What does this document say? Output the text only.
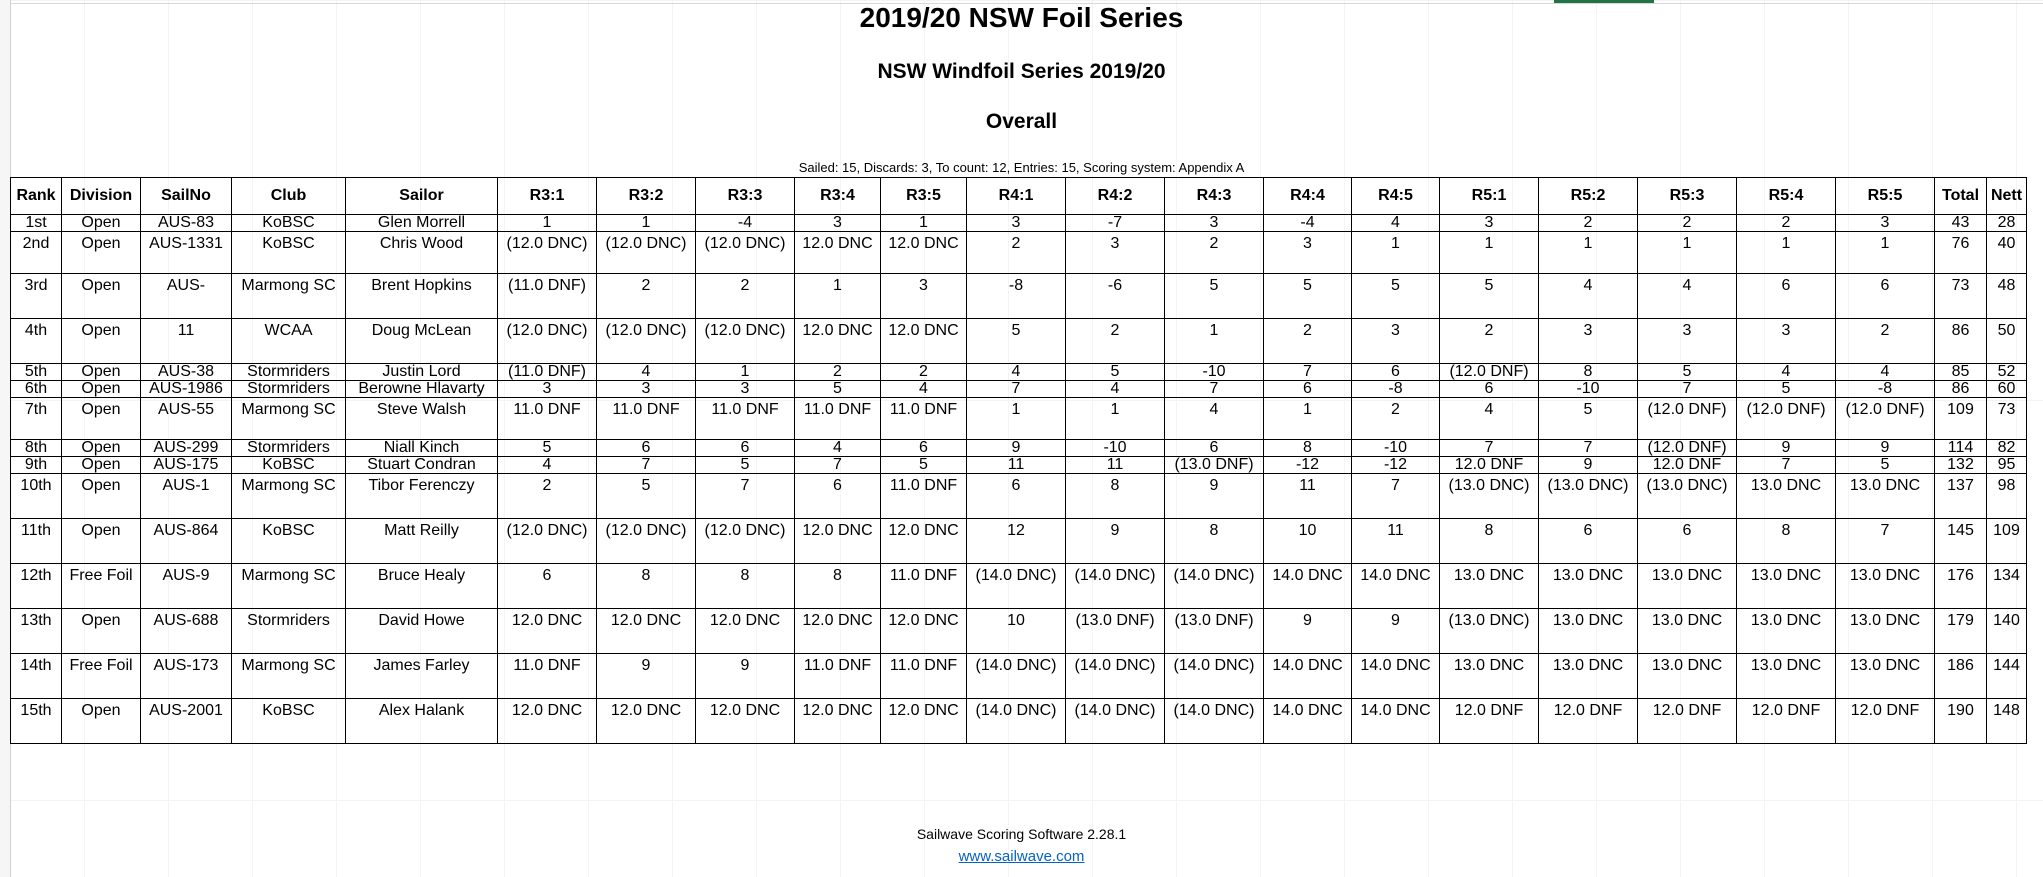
2019/20 NSW Foil Series
NSW Windfoil Series 2019/20
Overall
Sailed: 15, Discards: 3, To count: 12, Entries: 15, Scoring system: Appendix A
Rank	Division	SailNo	Club	Sailor	R3:1	R3:2	R3:3	R3:4	R3:5	R4:1	R4:2	R4:3	R4:4	R4:5	R5:1	R5:2	R5:3	R5:4	R5:5	Total	Nett
1st	Open	AUS-83	KoBSC	Glen Morrell	1	1	-4	3	1	3	-7	3	-4	4	3	2	2	2	3	43	28
2nd	Open	AUS-1331	KoBSC	Chris Wood	(12.0 DNC)	(12.0 DNC)	(12.0 DNC)	12.0 DNC	12.0 DNC	2	3	2	3	1	1	1	1	1	1	76	40
3rd	Open	AUS-	Marmong SC	Brent Hopkins	(11.0 DNF)	2	2	1	3	-8	-6	5	5	5	5	4	4	6	6	73	48
4th	Open	11	WCAA	Doug McLean	(12.0 DNC)	(12.0 DNC)	(12.0 DNC)	12.0 DNC	12.0 DNC	5	2	1	2	3	2	3	3	3	2	86	50
5th	Open	AUS-38	Stormriders	Justin Lord	(11.0 DNF)	4	1	2	2	4	5	-10	7	6	(12.0 DNF)	8	5	4	4	85	52
6th	Open	AUS-1986	Stormriders	Berowne Hlavarty	3	3	3	5	4	7	4	7	6	-8	6	-10	7	5	-8	86	60
7th	Open	AUS-55	Marmong SC	Steve Walsh	11.0 DNF	11.0 DNF	11.0 DNF	11.0 DNF	11.0 DNF	1	1	4	1	2	4	5	(12.0 DNF)	(12.0 DNF)	(12.0 DNF)	109	73
8th	Open	AUS-299	Stormriders	Niall Kinch	5	6	6	4	6	9	-10	6	8	-10	7	7	(12.0 DNF)	9	9	114	82
9th	Open	AUS-175	KoBSC	Stuart Condran	4	7	5	7	5	11	11	(13.0 DNF)	-12	-12	12.0 DNF	9	12.0 DNF	7	5	132	95
10th	Open	AUS-1	Marmong SC	Tibor Ferenczy	2	5	7	6	11.0 DNF	6	8	9	11	7	(13.0 DNC)	(13.0 DNC)	(13.0 DNC)	13.0 DNC	13.0 DNC	137	98
11th	Open	AUS-864	KoBSC	Matt Reilly	(12.0 DNC)	(12.0 DNC)	(12.0 DNC)	12.0 DNC	12.0 DNC	12	9	8	10	11	8	6	6	8	7	145	109
12th	Free Foil	AUS-9	Marmong SC	Bruce Healy	6	8	8	8	11.0 DNF	(14.0 DNC)	(14.0 DNC)	(14.0 DNC)	14.0 DNC	14.0 DNC	13.0 DNC	13.0 DNC	13.0 DNC	13.0 DNC	13.0 DNC	176	134
13th	Open	AUS-688	Stormriders	David Howe	12.0 DNC	12.0 DNC	12.0 DNC	12.0 DNC	12.0 DNC	10	(13.0 DNF)	(13.0 DNF)	9	9	(13.0 DNC)	13.0 DNC	13.0 DNC	13.0 DNC	13.0 DNC	179	140
14th	Free Foil	AUS-173	Marmong SC	James Farley	11.0 DNF	9	9	11.0 DNF	11.0 DNF	(14.0 DNC)	(14.0 DNC)	(14.0 DNC)	14.0 DNC	14.0 DNC	13.0 DNC	13.0 DNC	13.0 DNC	13.0 DNC	13.0 DNC	186	144
15th	Open	AUS-2001	KoBSC	Alex Halank	12.0 DNC	12.0 DNC	12.0 DNC	12.0 DNC	12.0 DNC	(14.0 DNC)	(14.0 DNC)	(14.0 DNC)	14.0 DNC	14.0 DNC	12.0 DNF	12.0 DNF	12.0 DNF	12.0 DNF	12.0 DNF	190	148
Sailwave Scoring Software 2.28.1
www.sailwave.com
